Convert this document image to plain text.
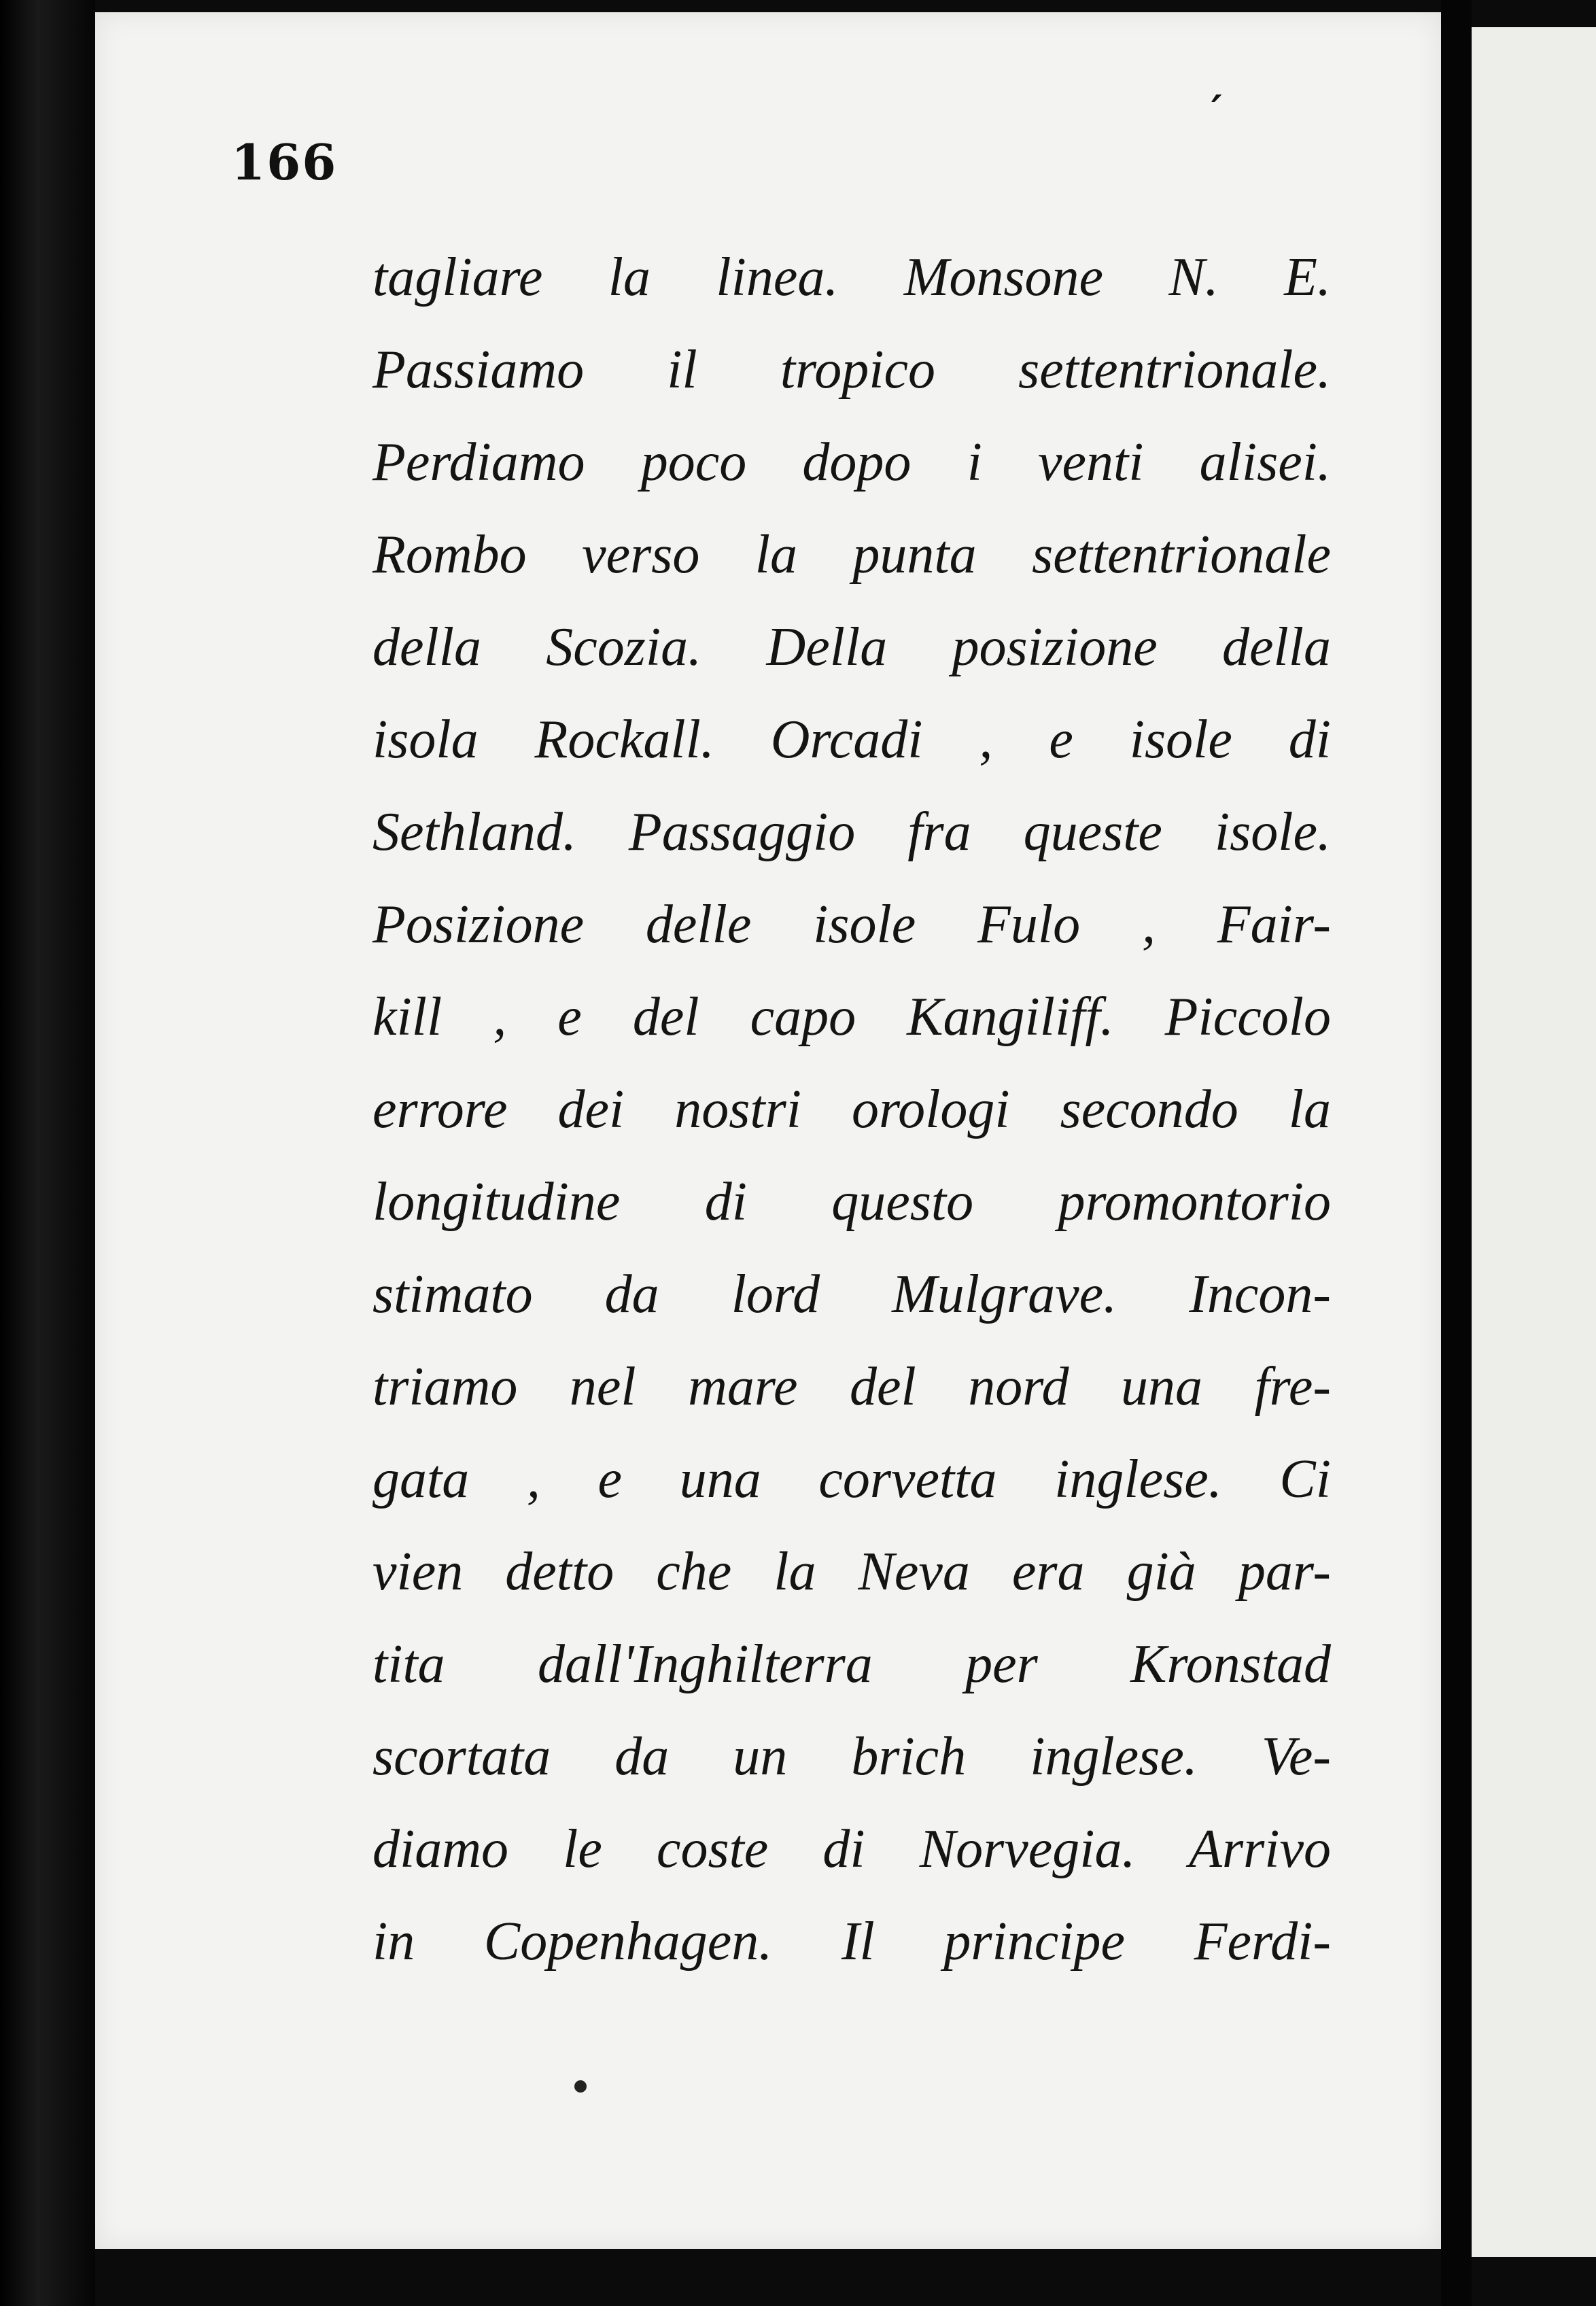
166
′
tagliare la linea. Monsone N. E.
Passiamo il tropico settentrionale.
Perdiamo poco dopo i venti alisei.
Rombo verso la punta settentrionale
della Scozia. Della posizione della
isola Rockall. Orcadi , e isole di
Sethland. Passaggio fra queste isole.
Posizione delle isole Fulo , Fair-
kill , e del capo Kangiliff. Piccolo
errore dei nostri orologi secondo la
longitudine di questo promontorio
stimato da lord Mulgrave. Incon-
triamo nel mare del nord una fre-
gata , e una corvetta inglese. Ci
vien detto che la Neva era già par-
tita dall'Inghilterra per Kronstad
scortata da un brich inglese. Ve-
diamo le coste di Norvegia. Arrivo
in Copenhagen. Il principe Ferdi-
